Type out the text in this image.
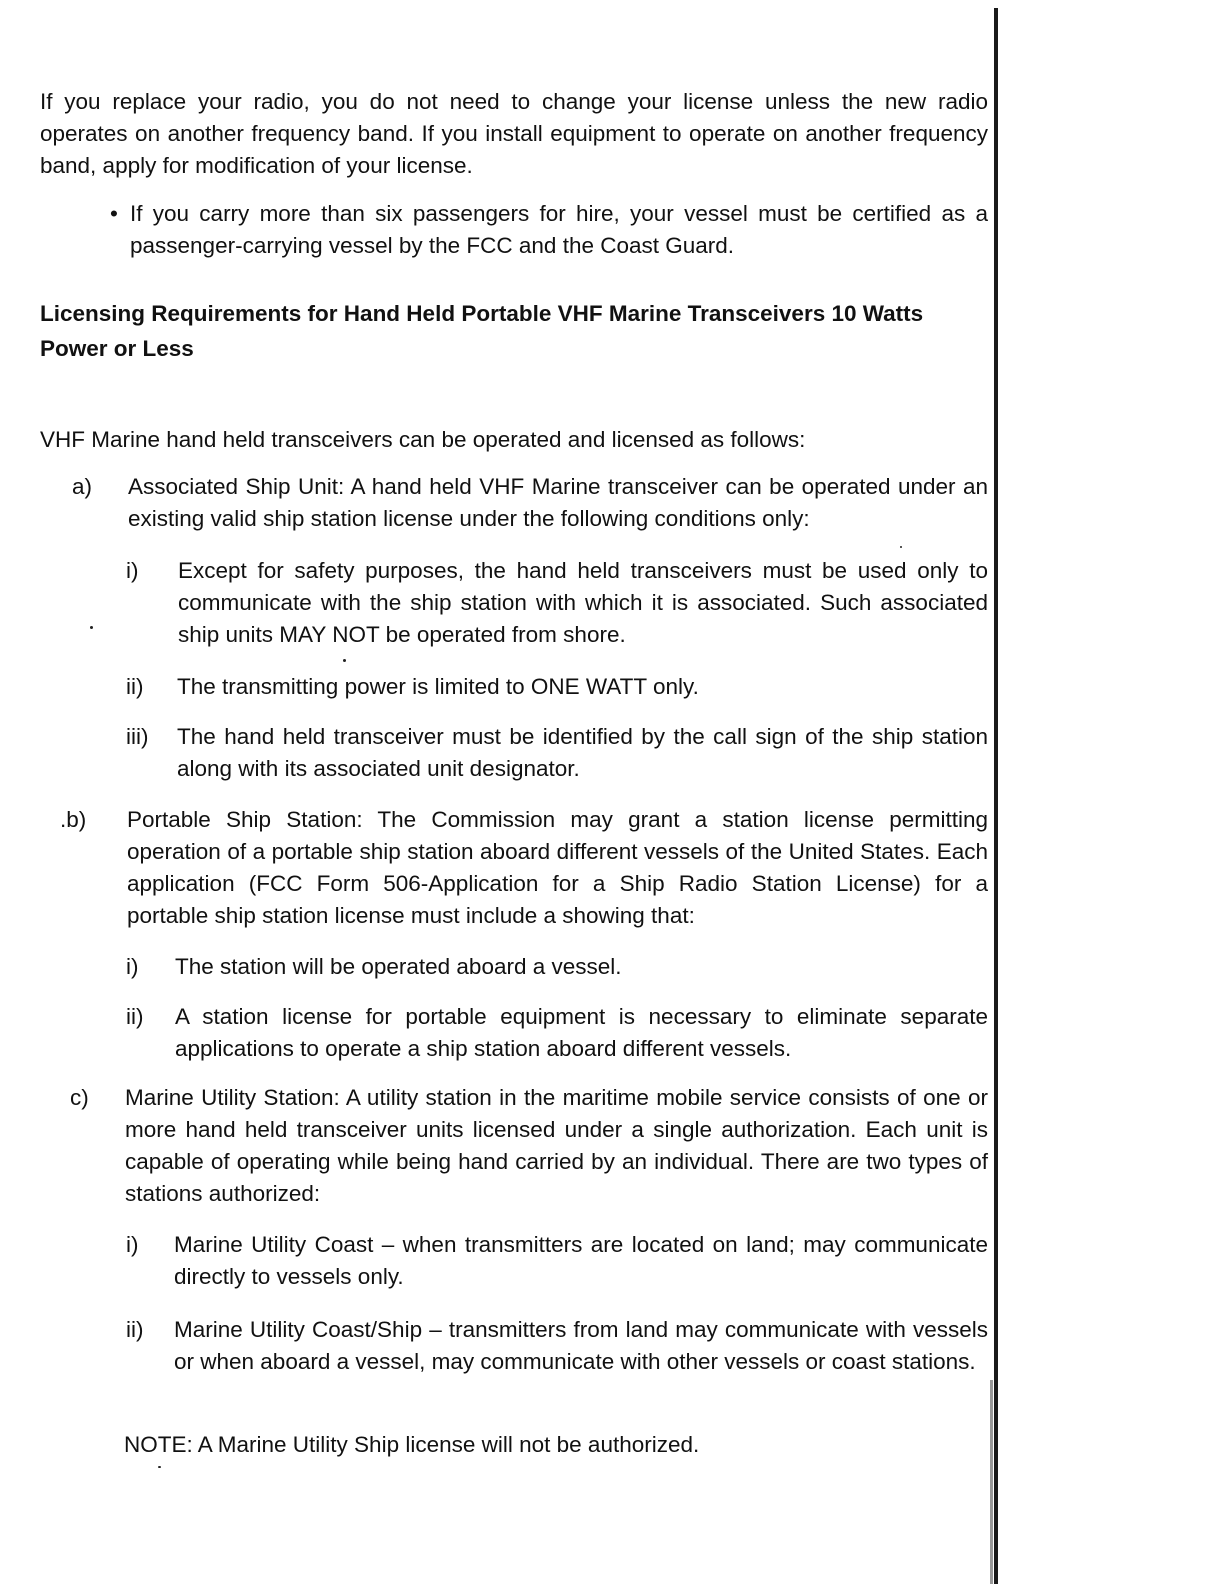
If you replace your radio, you do not need to change your license unless the new radio operates on another frequency band. If you install equipment to operate on another frequency band, apply for modification of your license.

• If you carry more than six passengers for hire, your vessel must be certified as a passenger-carrying vessel by the FCC and the Coast Guard.

Licensing Requirements for Hand Held Portable VHF Marine Transceivers 10 Watts Power or Less

VHF Marine hand held transceivers can be operated and licensed as follows:

a) Associated Ship Unit: A hand held VHF Marine transceiver can be operated under an existing valid ship station license under the following conditions only:

i) Except for safety purposes, the hand held transceivers must be used only to communicate with the ship station with which it is associated. Such associated ship units MAY NOT be operated from shore.

ii) The transmitting power is limited to ONE WATT only.

iii) The hand held transceiver must be identified by the call sign of the ship station along with its associated unit designator.

.b) Portable Ship Station: The Commission may grant a station license permitting operation of a portable ship station aboard different vessels of the United States. Each application (FCC Form 506-Application for a Ship Radio Station License) for a portable ship station license must include a showing that:

i) The station will be operated aboard a vessel.

ii) A station license for portable equipment is necessary to eliminate separate applications to operate a ship station aboard different vessels.

c) Marine Utility Station: A utility station in the maritime mobile service consists of one or more hand held transceiver units licensed under a single authorization. Each unit is capable of operating while being hand carried by an individual. There are two types of stations authorized:

i) Marine Utility Coast – when transmitters are located on land; may communicate directly to vessels only.

ii) Marine Utility Coast/Ship – transmitters from land may communicate with vessels or when aboard a vessel, may communicate with other vessels or coast stations.

NOTE: A Marine Utility Ship license will not be authorized.
